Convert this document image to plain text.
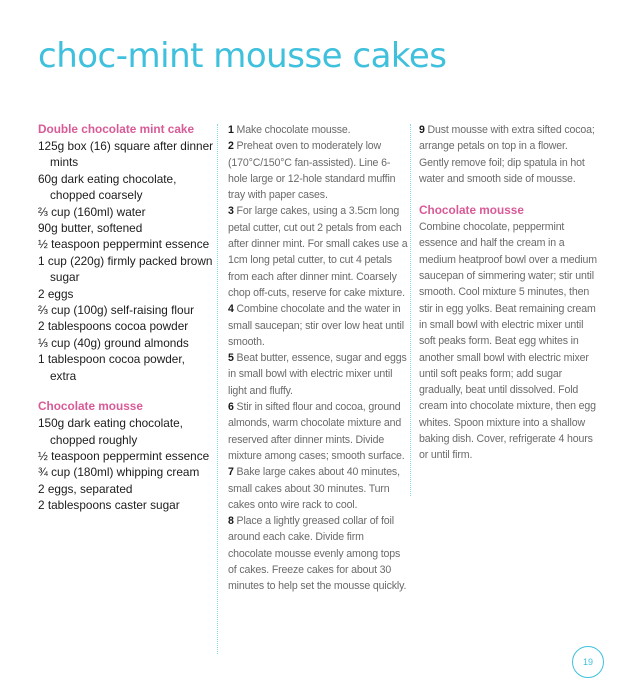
choc-mint mousse cakes
Double chocolate mint cake
125g box (16) square after dinner mints
60g dark eating chocolate, chopped coarsely
⅔ cup (160ml) water
90g butter, softened
½ teaspoon peppermint essence
1 cup (220g) firmly packed brown sugar
2 eggs
⅔ cup (100g) self-raising flour
2 tablespoons cocoa powder
⅓ cup (40g) ground almonds
1 tablespoon cocoa powder, extra
Chocolate mousse
150g dark eating chocolate, chopped roughly
½ teaspoon peppermint essence
¾ cup (180ml) whipping cream
2 eggs, separated
2 tablespoons caster sugar

1 Make chocolate mousse.

2 Preheat oven to moderately low (170°C/150°C fan-assisted). Line 6-hole large or 12-hole standard muffin tray with paper cases.

3 For large cakes, using a 3.5cm long petal cutter, cut out 2 petals from each after dinner mint. For small cakes use a 1cm long petal cutter, to cut 4 petals from each after dinner mint. Coarsely chop off-cuts, reserve for cake mixture.

4 Combine chocolate and the water in small saucepan; stir over low heat until smooth.

5 Beat butter, essence, sugar and eggs in small bowl with electric mixer until light and fluffy.

6 Stir in sifted flour and cocoa, ground almonds, warm chocolate mixture and reserved after dinner mints. Divide mixture among cases; smooth surface.

7 Bake large cakes about 40 minutes, small cakes about 30 minutes. Turn cakes onto wire rack to cool.

8 Place a lightly greased collar of foil around each cake. Divide firm chocolate mousse evenly among tops of cakes. Freeze cakes for about 30 minutes to help set the mousse quickly.

9 Dust mousse with extra sifted cocoa; arrange petals on top in a flower. Gently remove foil; dip spatula in hot water and smooth side of mousse.

Chocolate mousse

Combine chocolate, peppermint essence and half the cream in a medium heatproof bowl over a medium saucepan of simmering water; stir until smooth. Cool mixture 5 minutes, then stir in egg yolks. Beat remaining cream in small bowl with electric mixer until soft peaks form. Beat egg whites in another small bowl with electric mixer until soft peaks form; add sugar gradually, beat until dissolved. Fold cream into chocolate mixture, then egg whites. Spoon mixture into a shallow baking dish. Cover, refrigerate 4 hours or until firm.

19
